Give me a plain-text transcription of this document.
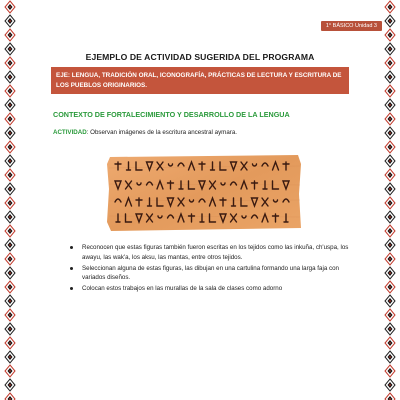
1° BÁSICO Unidad 3
EJEMPLO DE ACTIVIDAD SUGERIDA DEL PROGRAMA
EJE: LENGUA, TRADICIÓN ORAL, ICONOGRAFÍA, PRÁCTICAS DE LECTURA Y ESCRITURA DE LOS PUEBLOS ORIGINARIOS.
CONTEXTO DE FORTALECIMIENTO Y DESARROLLO DE LA LENGUA
ACTIVIDAD: Observan imágenes de la escritura ancestral aymara.
Reconocen que estas figuras también fueron escritas en los tejidos como las inkuña, ch'uspa, los awayu, las wak'a, los aksu, las mantas, entre otros tejidos.
Seleccionan alguna de estas figuras, las dibujan en una cartulina formando una larga faja con variados diseños.
Colocan estos trabajos en las murallas de la sala de clases como adorno
